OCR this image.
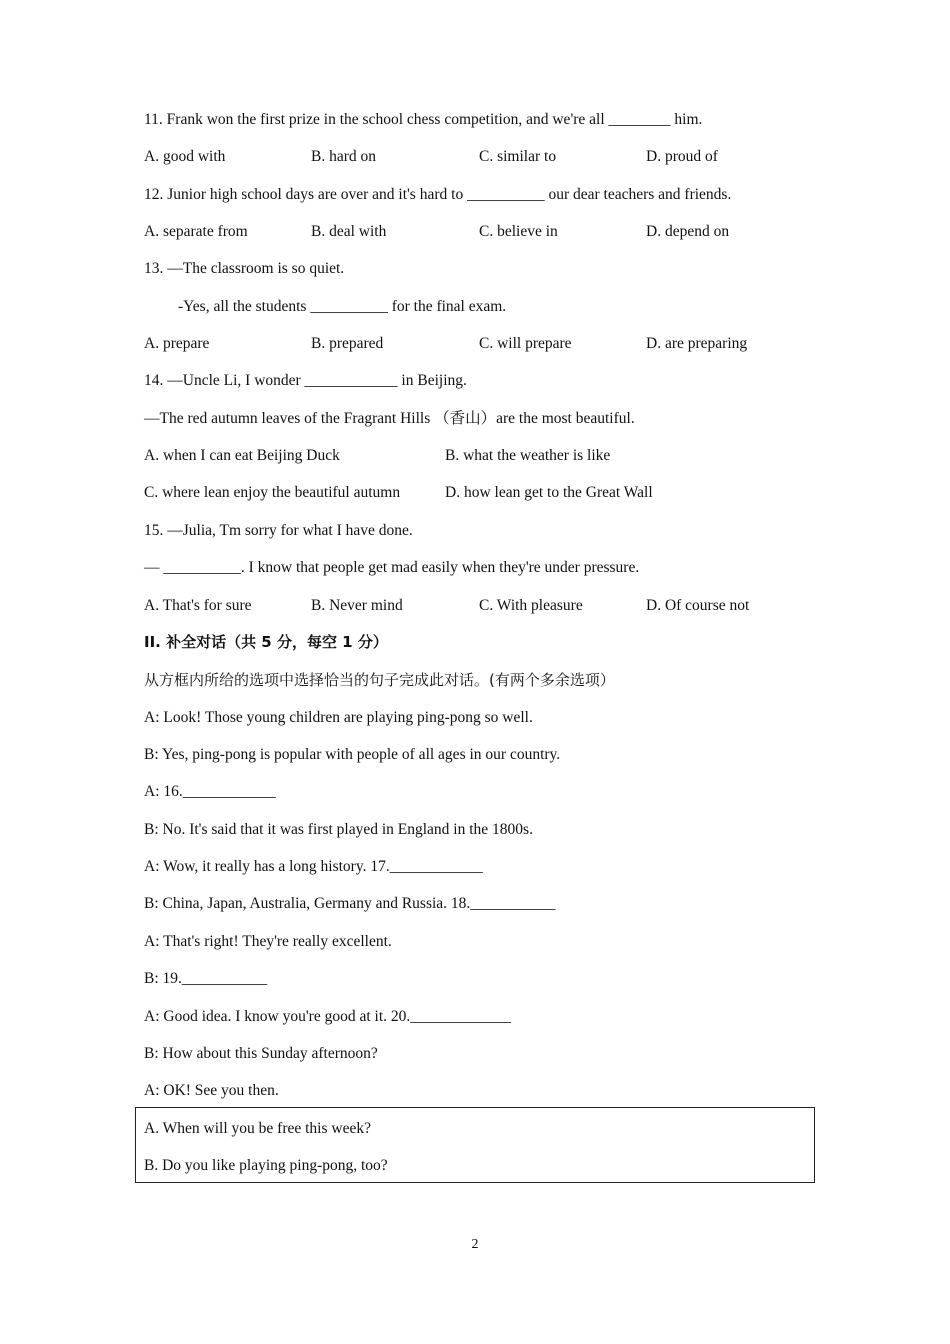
11. Frank won the first prize in the school chess competition, and we're all ________ him.
A. good with	B. hard on	C. similar to	D. proud of
12. Junior high school days are over and it's hard to __________ our dear teachers and friends.
A. separate from	B. deal with	C. believe in	D. depend on
13. —The classroom is so quiet.
-Yes, all the students __________ for the final exam.
A. prepare	B. prepared	C. will prepare	D. are preparing
14. —Uncle Li, I wonder ____________ in Beijing.
—The red autumn leaves of the Fragrant Hills （香山）are the most beautiful.
A. when I can eat Beijing Duck	B. what the weather is like
C. where lean enjoy the beautiful autumn	D. how lean get to the Great Wall
15. —Julia, Tm sorry for what I have done.
— __________. I know that people get mad easily when they're under pressure.
A. That's for sure	B. Never mind	C. With pleasure	D. Of course not
II. 补全对话（共 5 分，每空 1 分）
从方框内所给的选项中选择恰当的句子完成此对话。(有两个多余选项）
A: Look! Those young children are playing ping-pong so well.
B: Yes, ping-pong is popular with people of all ages in our country.
A: 16.____________
B: No. It's said that it was first played in England in the 1800s.
A: Wow, it really has a long history. 17.____________
B: China, Japan, Australia, Germany and Russia. 18.___________
A: That's right! They're really excellent.
B: 19.___________
A: Good idea. I know you're good at it. 20._____________
B: How about this Sunday afternoon?
A: OK! See you then.
A. When will you be free this week?
B. Do you like playing ping-pong, too?
2
